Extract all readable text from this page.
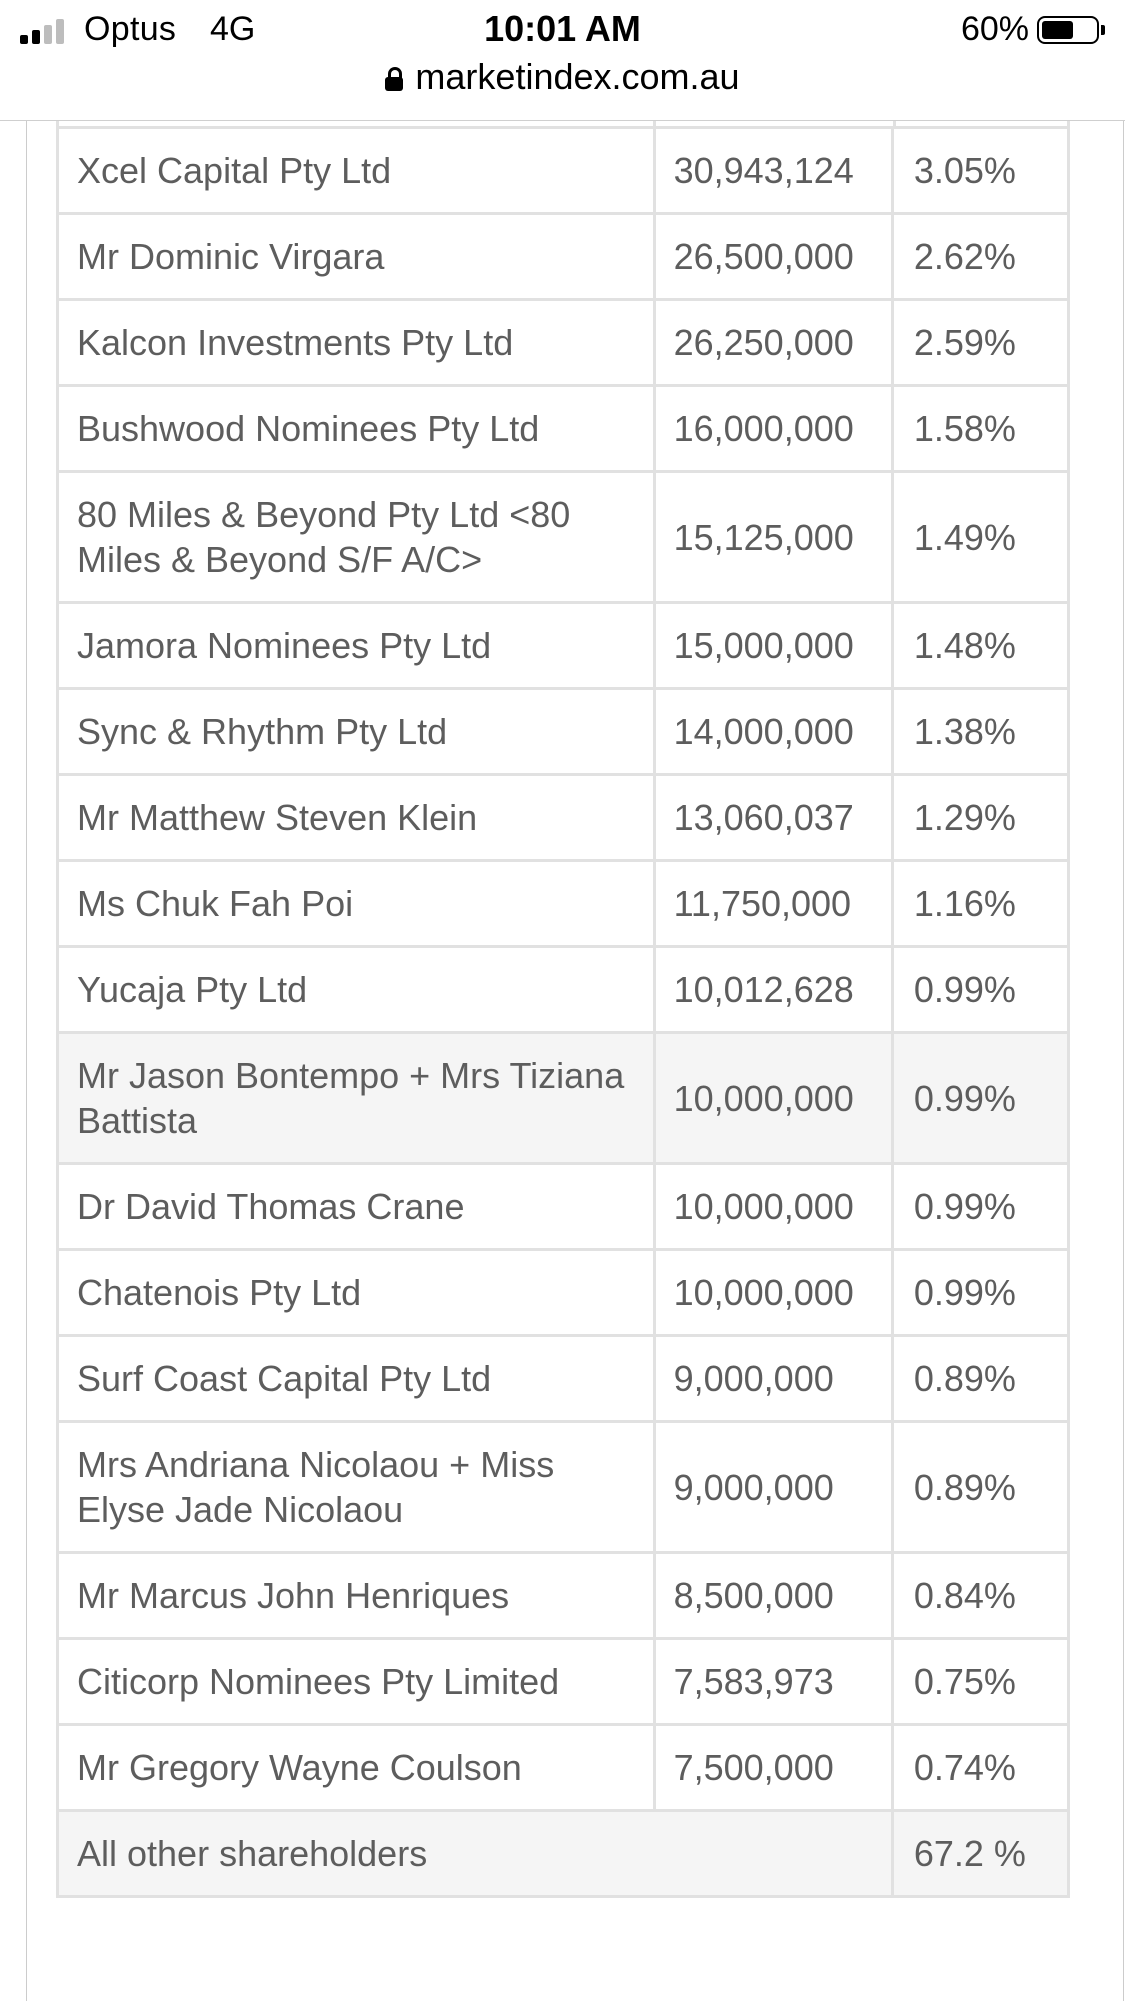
Optus 4G	10:01 AM	60%
marketindex.com.au
Xcel Capital Pty Ltd	30,943,124	3.05%
Mr Dominic Virgara	26,500,000	2.62%
Kalcon Investments Pty Ltd	26,250,000	2.59%
Bushwood Nominees Pty Ltd	16,000,000	1.58%
80 Miles & Beyond Pty Ltd <80 Miles & Beyond S/F A/C>	15,125,000	1.49%
Jamora Nominees Pty Ltd	15,000,000	1.48%
Sync & Rhythm Pty Ltd	14,000,000	1.38%
Mr Matthew Steven Klein	13,060,037	1.29%
Ms Chuk Fah Poi	11,750,000	1.16%
Yucaja Pty Ltd	10,012,628	0.99%
Mr Jason Bontempo + Mrs Tiziana Battista	10,000,000	0.99%
Dr David Thomas Crane	10,000,000	0.99%
Chatenois Pty Ltd	10,000,000	0.99%
Surf Coast Capital Pty Ltd	9,000,000	0.89%
Mrs Andriana Nicolaou + Miss Elyse Jade Nicolaou	9,000,000	0.89%
Mr Marcus John Henriques	8,500,000	0.84%
Citicorp Nominees Pty Limited	7,583,973	0.75%
Mr Gregory Wayne Coulson	7,500,000	0.74%
All other shareholders		67.2 %
